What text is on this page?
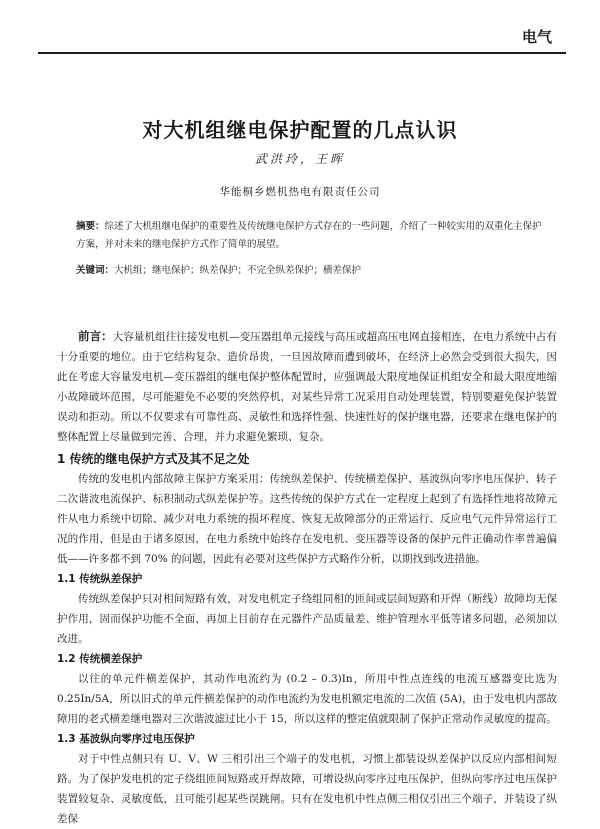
电气
对大机组继电保护配置的几点认识
武洪玲，王晖
华能桐乡燃机热电有限责任公司
摘要：综述了大机组继电保护的重要性及传统继电保护方式存在的一些问题，介绍了一种较实用的双重化主保护方案，并对未来的继电保护方式作了简单的展望。
关键词：大机组；继电保护；纵差保护；不完全纵差保护；横差保护

前言：大容量机组往往接发电机—变压器组单元接线与高压或超高压电网直接相连，在电力系统中占有十分重要的地位。由于它结构复杂、造价昂贵，一旦因故障而遭到破坏，在经济上必然会受到很大损失，因此在考虑大容量发电机—变压器组的继电保护整体配置时，应强调最大限度地保证机组安全和最大限度地缩小故障破坏范围，尽可能避免不必要的突然停机，对某些异常工况采用自动处理装置，特别要避免保护装置误动和拒动。所以不仅要求有可靠性高、灵敏性和选择性强、快速性好的保护继电器，还要求在继电保护的整体配置上尽量做到完善、合理，并力求避免繁琐、复杂。

1 传统的继电保护方式及其不足之处

传统的发电机内部故障主保护方案采用：传统纵差保护、传统横差保护、基波纵向零序电压保护、转子二次谐波电流保护、标积制动式纵差保护等。这些传统的保护方式在一定程度上起到了有选择性地将故障元件从电力系统中切除、减少对电力系统的损坏程度、恢复无故障部分的正常运行、反应电气元件异常运行工况的作用，但是由于诸多原因，在电力系统中始终存在发电机、变压器等设备的保护元件正确动作率普遍偏低——许多都不到 70% 的问题，因此有必要对这些保护方式略作分析，以期找到改进措施。

1.1 传统纵差保护

传统纵差保护只对相间短路有效，对发电机定子绕组同相的匝间或层间短路和开焊（断线）故障均无保护作用，固而保护功能不全面，再加上目前存在元器件产品质量差、维护管理水平低等诸多问题，必须加以改进。

1.2 传统横差保护

以往的单元件横差保护，其动作电流约为 (0.2 – 0.3)In，所用中性点连线的电流互感器变比选为 0.25In/5A，所以旧式的单元件横差保护的动作电流约为发电机额定电流的二次值 (5A)，由于发电机内部故障用的老式横差继电器对三次谐波滤过比小于 15，所以这样的整定值就限制了保护正常动作灵敏度的提高。

1.3 基波纵向零序过电压保护

对于中性点侧只有 U、V、W 三相引出三个端子的发电机，习惯上都装设纵差保护以反应内部相间短路。为了保护发电机的定子绕组匝间短路或开焊故障，可增设纵向零序过电压保护，但纵向零序过电压保护装置较复杂、灵敏度低，且可能引起某些误跳闸。只有在发电机中性点侧三相仅引出三个端子，并装设了纵差保
